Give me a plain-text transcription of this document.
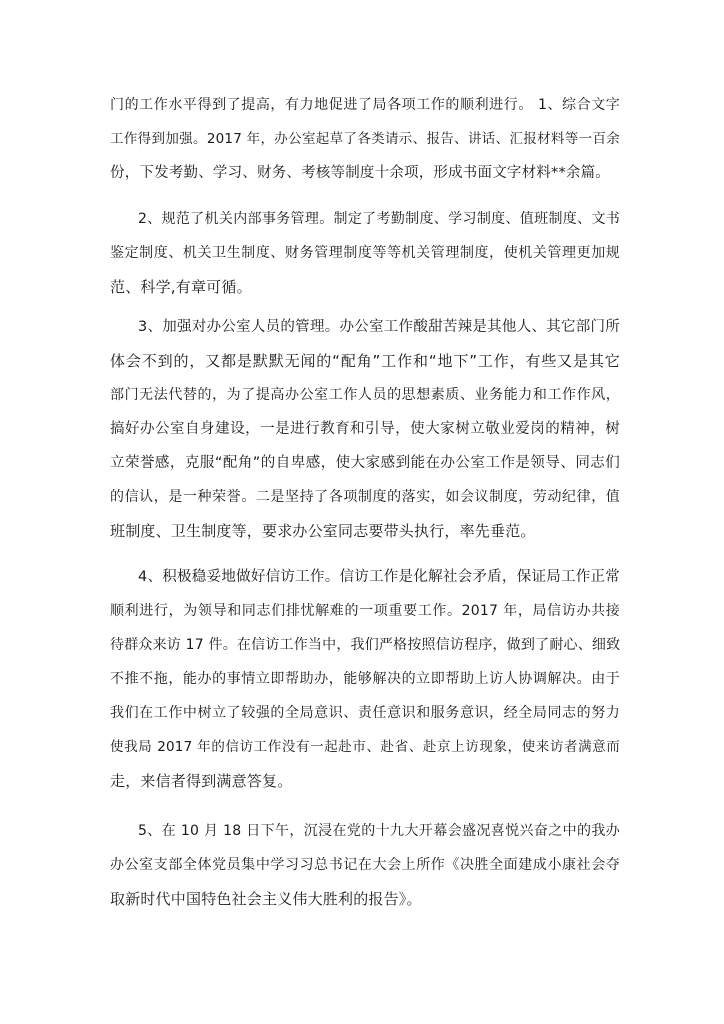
门的工作水平得到了提高，有力地促进了局各项工作的顺利进行。 1、综合文字
工作得到加强。2017 年，办公室起草了各类请示、报告、讲话、汇报材料等一百余
份，下发考勤、学习、财务、考核等制度十余项，形成书面文字材料**余篇。
2、规范了机关内部事务管理。制定了考勤制度、学习制度、值班制度、文书
鉴定制度、机关卫生制度、财务管理制度等等机关管理制度，使机关管理更加规
范、科学,有章可循。
3、加强对办公室人员的管理。办公室工作酸甜苦辣是其他人、其它部门所
体会不到的，又都是默默无闻的“配角”工作和“地下”工作，有些又是其它
部门无法代替的，为了提高办公室工作人员的思想素质、业务能力和工作作风，
搞好办公室自身建设，一是进行教育和引导，使大家树立敬业爱岗的精神，树
立荣誉感，克服“配角”的自卑感，使大家感到能在办公室工作是领导、同志们
的信认，是一种荣誉。二是坚持了各项制度的落实，如会议制度，劳动纪律，值
班制度、卫生制度等，要求办公室同志要带头执行，率先垂范。
4、积极稳妥地做好信访工作。信访工作是化解社会矛盾，保证局工作正常
顺利进行，为领导和同志们排忧解难的一项重要工作。2017 年，局信访办共接
待群众来访 17 件。在信访工作当中，我们严格按照信访程序，做到了耐心、细致
不推不拖，能办的事情立即帮助办，能够解决的立即帮助上访人协调解决。由于
我们在工作中树立了较强的全局意识、责任意识和服务意识，经全局同志的努力
使我局 2017 年的信访工作没有一起赴市、赴省、赴京上访现象，使来访者满意而
走，来信者得到满意答复。
5、在 10 月 18 日下午，沉浸在党的十九大开幕会盛况喜悦兴奋之中的我办
办公室支部全体党员集中学习习总书记在大会上所作《决胜全面建成小康社会夺
取新时代中国特色社会主义伟大胜利的报告》。
